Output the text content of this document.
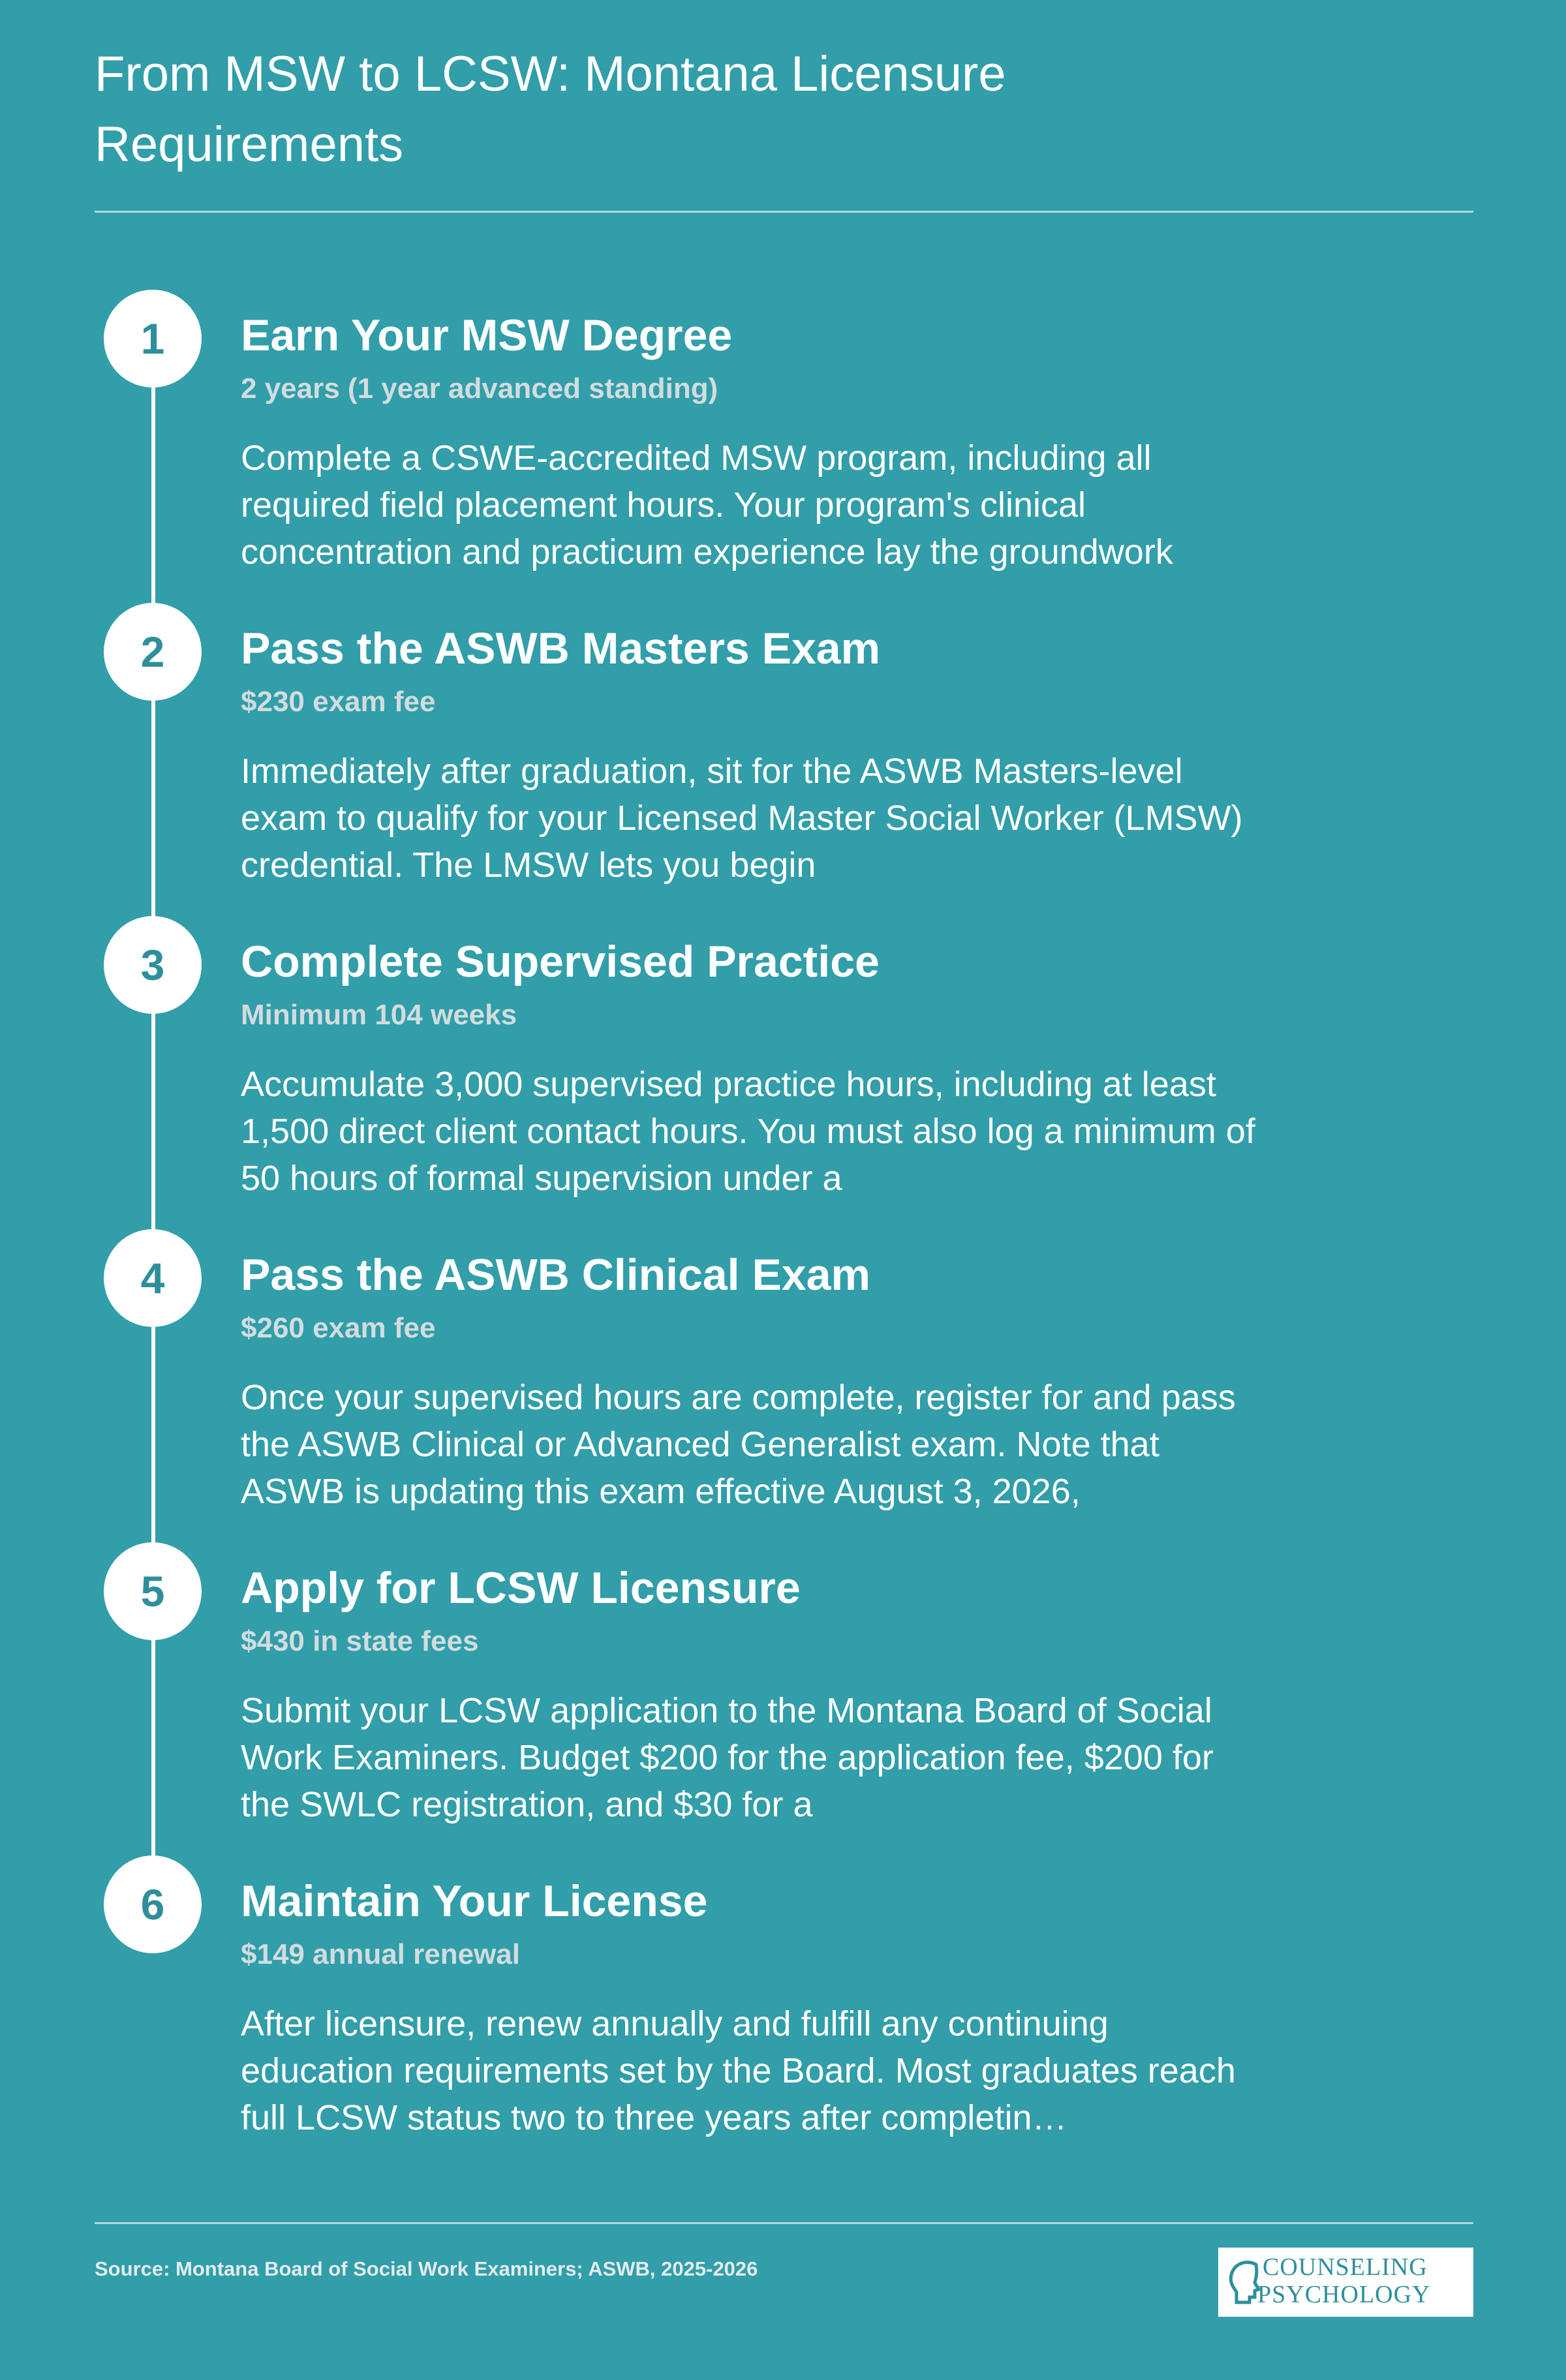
From MSW to LCSW: Montana Licensure Requirements
1	Earn Your MSW Degree
2 years (1 year advanced standing)
Complete a CSWE-accredited MSW program, including all required field placement hours. Your program's clinical concentration and practicum experience lay the groundwork
2	Pass the ASWB Masters Exam
$230 exam fee
Immediately after graduation, sit for the ASWB Masters-level exam to qualify for your Licensed Master Social Worker (LMSW) credential. The LMSW lets you begin
3	Complete Supervised Practice
Minimum 104 weeks
Accumulate 3,000 supervised practice hours, including at least 1,500 direct client contact hours. You must also log a minimum of 50 hours of formal supervision under a
4	Pass the ASWB Clinical Exam
$260 exam fee
Once your supervised hours are complete, register for and pass the ASWB Clinical or Advanced Generalist exam. Note that ASWB is updating this exam effective August 3, 2026,
5	Apply for LCSW Licensure
$430 in state fees
Submit your LCSW application to the Montana Board of Social Work Examiners. Budget $200 for the application fee, $200 for the SWLC registration, and $30 for a
6	Maintain Your License
$149 annual renewal
After licensure, renew annually and fulfill any continuing education requirements set by the Board. Most graduates reach full LCSW status two to three years after completin…
Source: Montana Board of Social Work Examiners; ASWB, 2025-2026	COUNSELING
PSYCHOLOGY
